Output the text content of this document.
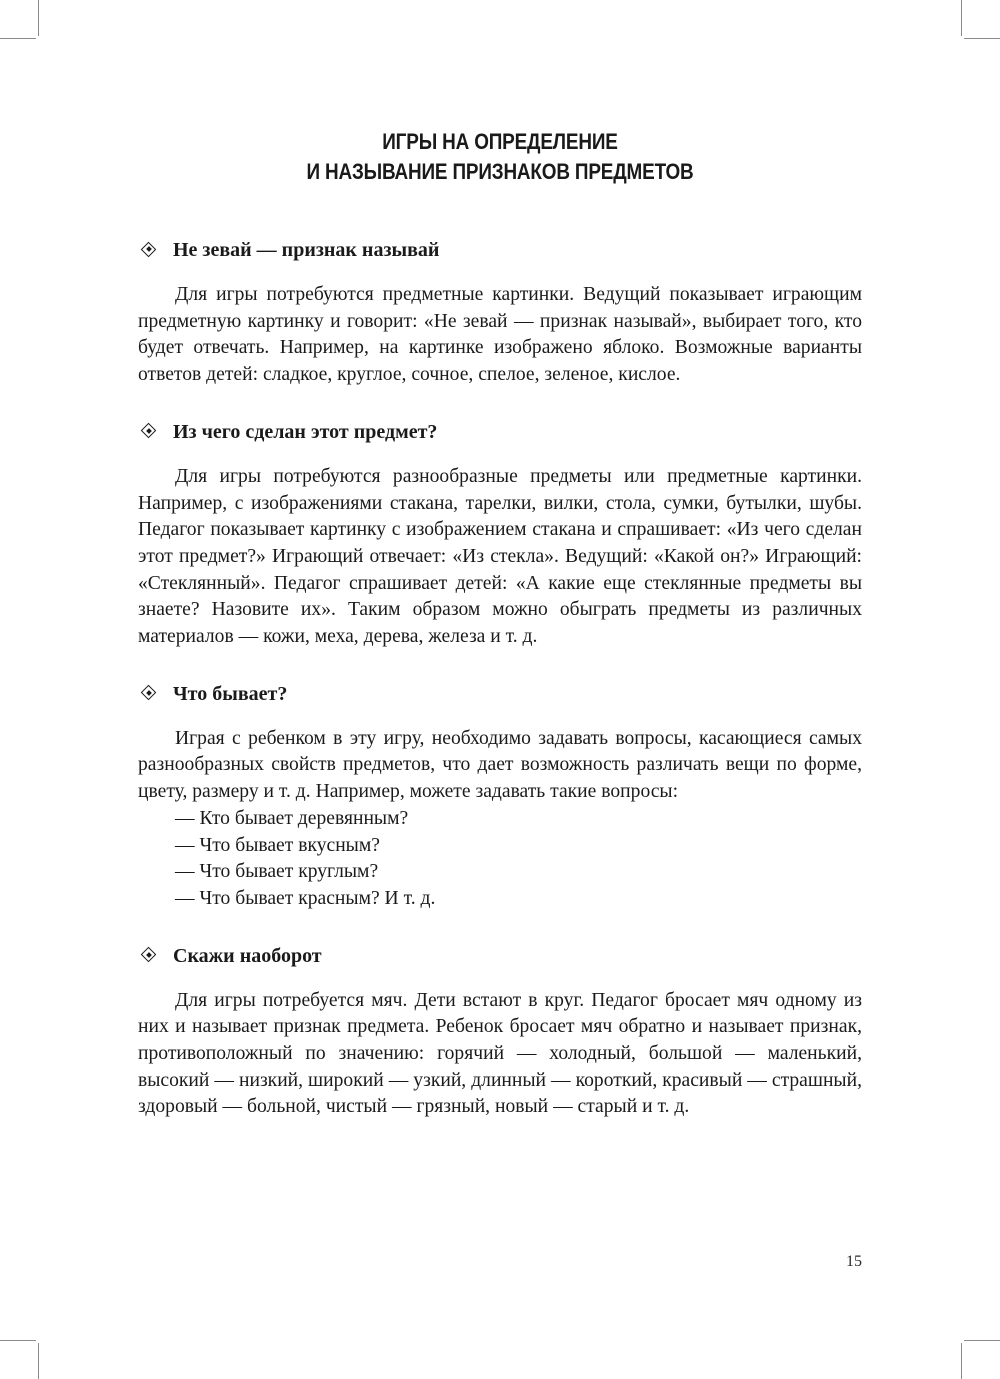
ИГРЫ НА ОПРЕДЕЛЕНИЕ
И НАЗЫВАНИЕ ПРИЗНАКОВ ПРЕДМЕТОВ
Не зевай — признак называй

Для игры потребуются предметные картинки. Ведущий показывает играющим предметную картинку и говорит: «Не зевай — признак называй», выбирает того, кто будет отвечать. Например, на картинке изображено яблоко. Возможные варианты ответов детей: сладкое, круглое, сочное, спелое, зеленое, кислое.

Из чего сделан этот предмет?

Для игры потребуются разнообразные предметы или предметные картинки. Например, с изображениями стакана, тарелки, вилки, стола, сумки, бутылки, шубы. Педагог показывает картинку с изображением стакана и спрашивает: «Из чего сделан этот предмет?» Играющий отвечает: «Из стекла». Ведущий: «Какой он?» Играющий: «Стеклянный». Педагог спрашивает детей: «А какие еще стеклянные предметы вы знаете? Назовите их». Таким образом можно обыграть предметы из различных материалов — кожи, меха, дерева, железа и т. д.

Что бывает?

Играя с ребенком в эту игру, необходимо задавать вопросы, касающиеся самых разнообразных свойств предметов, что дает возможность различать вещи по форме, цвету, размеру и т. д. Например, можете задавать такие вопросы:

— Кто бывает деревянным?
— Что бывает вкусным?
— Что бывает круглым?
— Что бывает красным? И т. д.
Скажи наоборот

Для игры потребуется мяч. Дети встают в круг. Педагог бросает мяч одному из них и называет признак предмета. Ребенок бросает мяч обратно и называет признак, противоположный по значению: горячий — холодный, большой — маленький, высокий — низкий, широкий — узкий, длинный — короткий, красивый — страшный, здоровый — больной, чистый — грязный, новый — старый и т. д.

15
